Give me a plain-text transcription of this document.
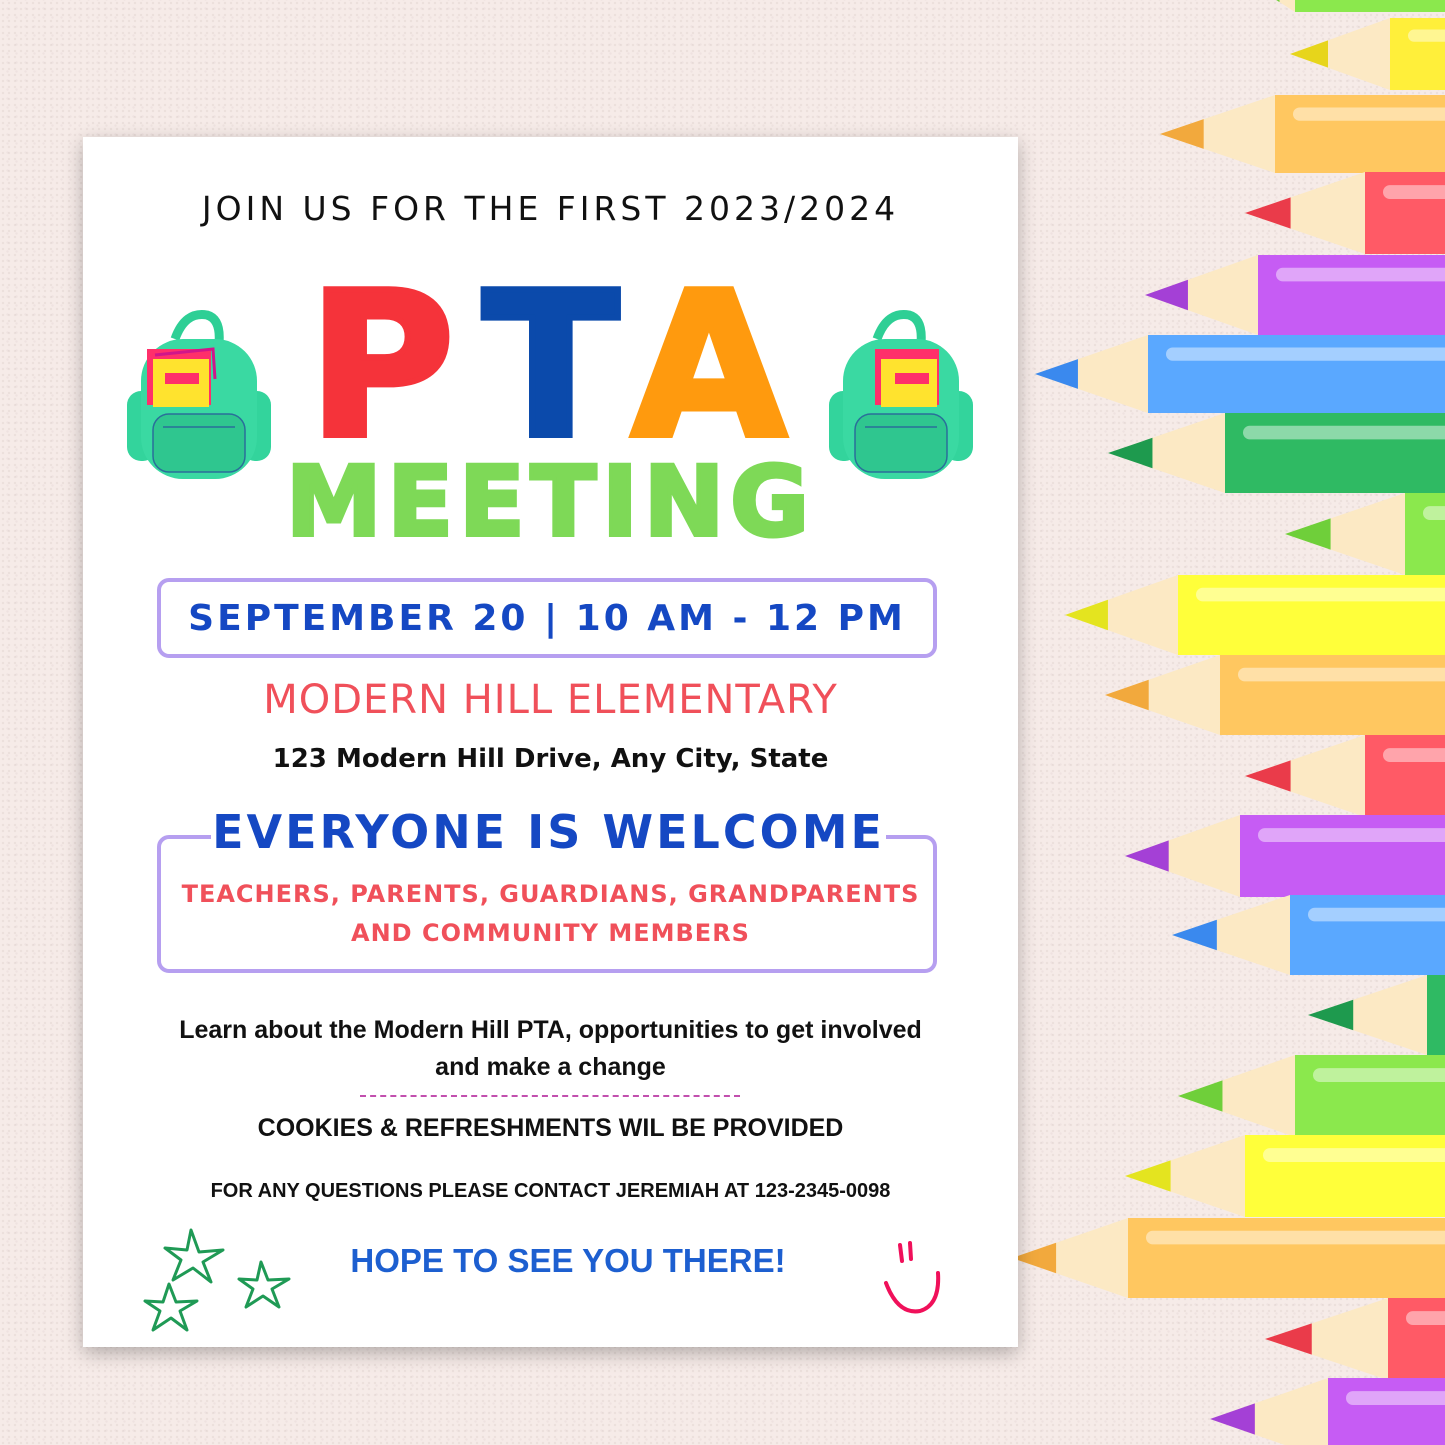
JOIN US FOR THE FIRST 2023/2024
PTA
MEETING
SEPTEMBER 20 | 10 AM - 12 PM
MODERN HILL ELEMENTARY
123 Modern Hill Drive, Any City, State
EVERYONE IS WELCOME
TEACHERS, PARENTS, GUARDIANS, GRANDPARENTS
AND COMMUNITY MEMBERS
Learn about the Modern Hill PTA, opportunities to get involved
and make a change
COOKIES & REFRESHMENTS WIL BE PROVIDED
FOR ANY QUESTIONS PLEASE CONTACT JEREMIAH AT 123-2345-0098
HOPE TO SEE YOU THERE!
